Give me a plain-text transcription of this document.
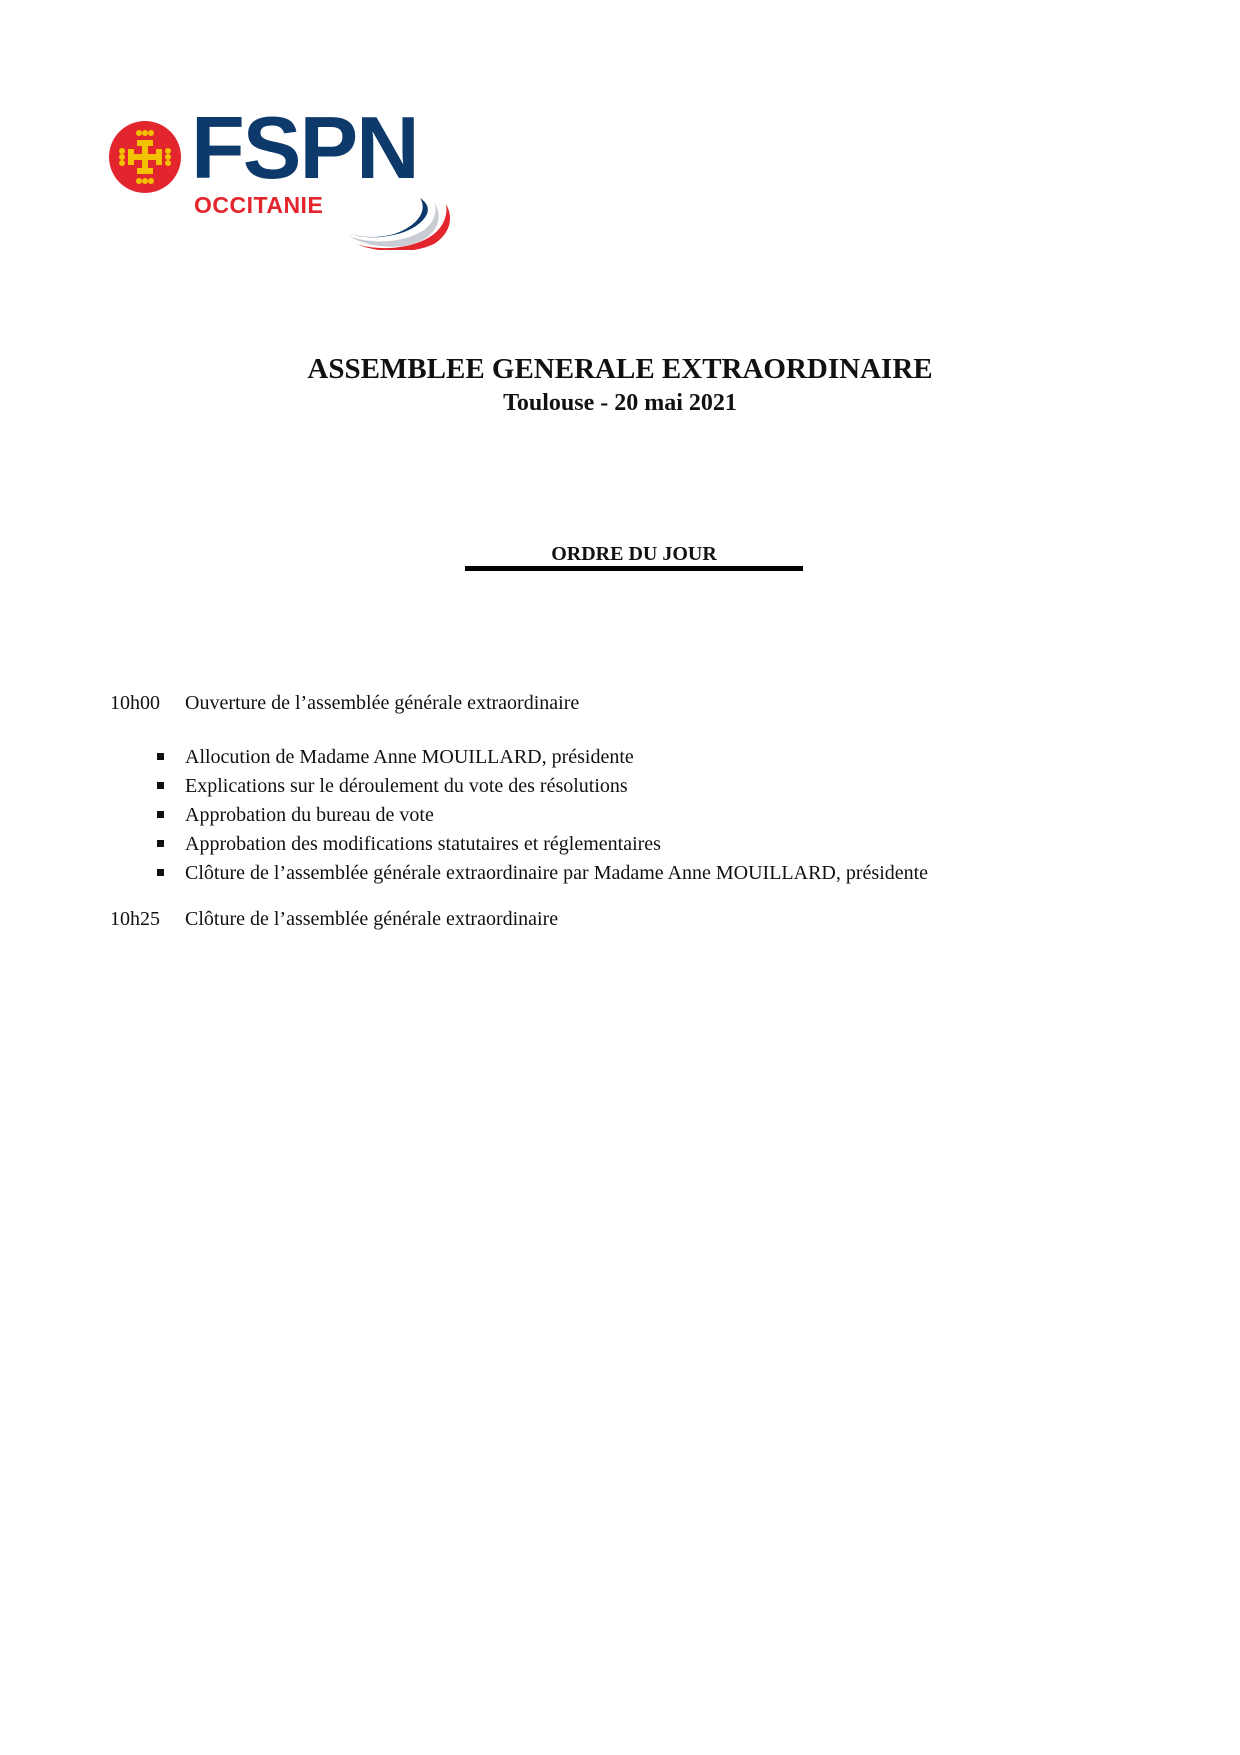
FSPN
OCCITANIE
ASSEMBLEE GENERALE EXTRAORDINAIRE
Toulouse - 20 mai 2021
ORDRE DU JOUR
10h00 Ouverture de l’assemblée générale extraordinaire
Allocution de Madame Anne MOUILLARD, présidente
Explications sur le déroulement du vote des résolutions
Approbation du bureau de vote
Approbation des modifications statutaires et réglementaires
Clôture de l’assemblée générale extraordinaire par Madame Anne MOUILLARD, présidente
10h25 Clôture de l’assemblée générale extraordinaire
